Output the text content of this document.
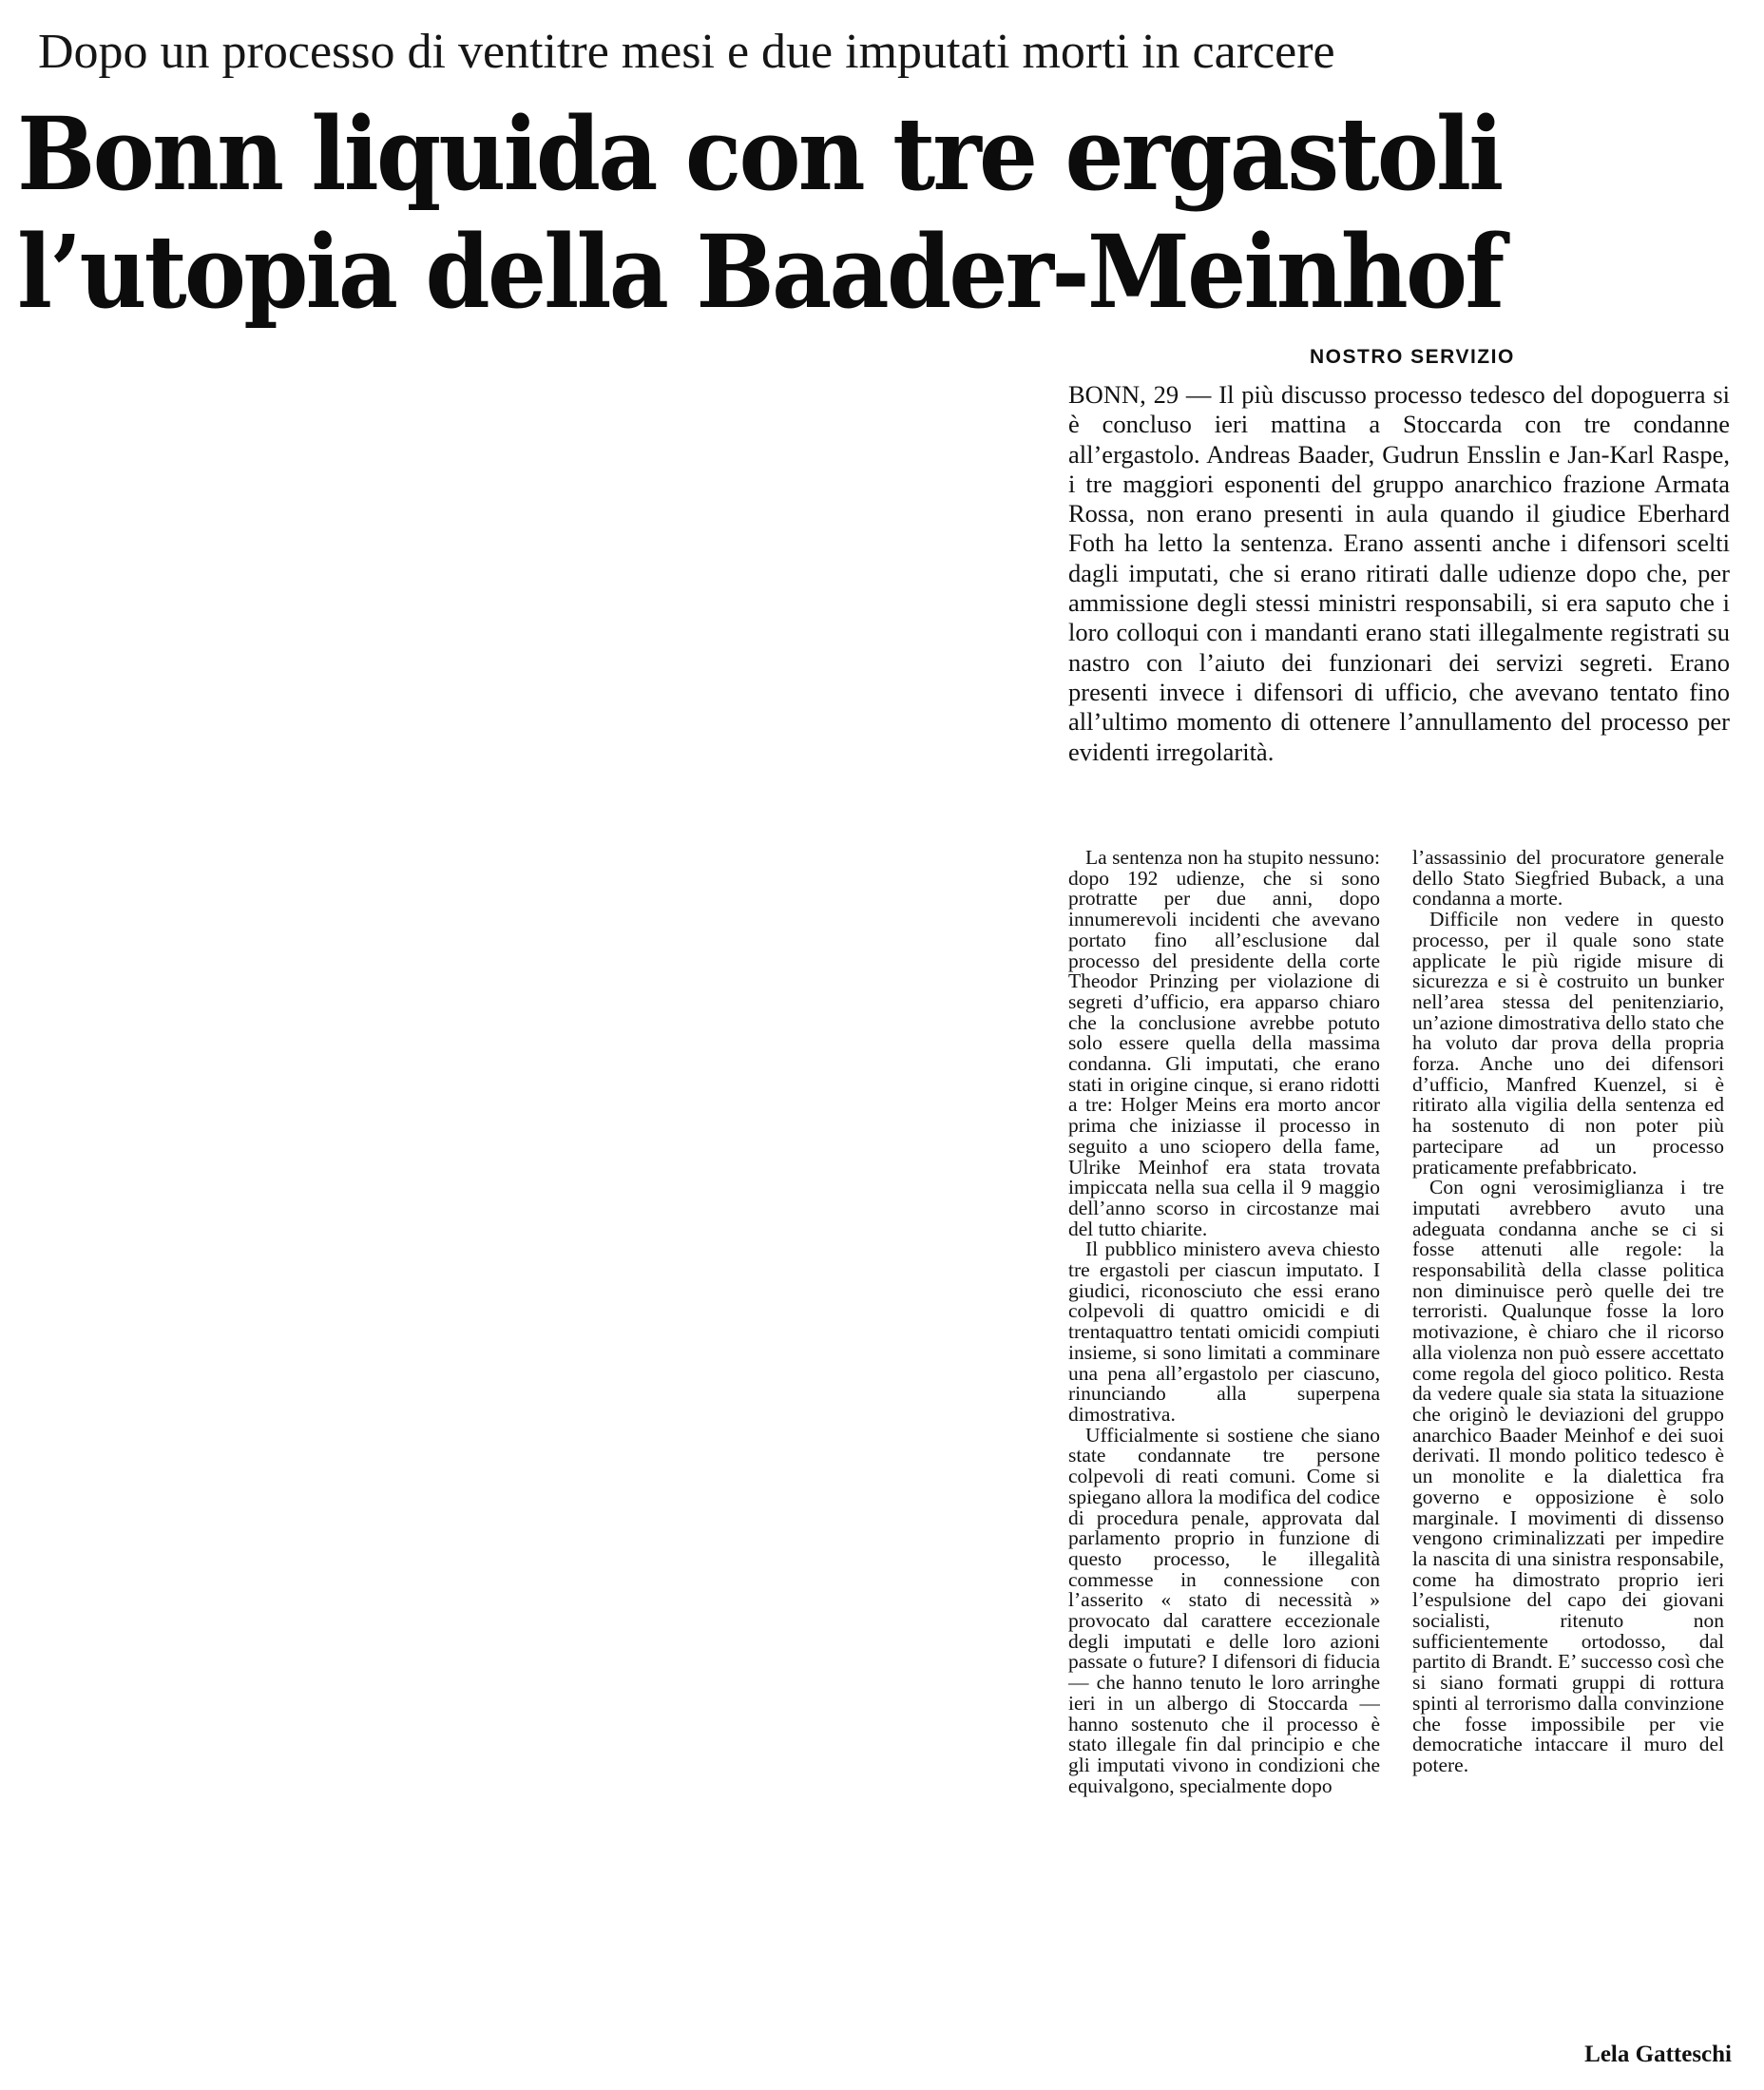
Dopo un processo di ventitre mesi e due imputati morti in carcere
Bonn liquida con tre ergastoli
l’utopia della Baader-Meinhof
NOSTRO SERVIZIO

BONN, 29 — Il più discusso processo tedesco del dopoguerra si è concluso ieri mattina a Stoccarda con tre condanne all’ergastolo. Andreas Baader, Gudrun Ensslin e Jan-Karl Raspe, i tre maggiori esponenti del gruppo anarchico frazione Armata Rossa, non erano presenti in aula quando il giudice Eberhard Foth ha letto la sentenza. Erano assenti anche i difensori scelti dagli imputati, che si erano ritirati dalle udienze dopo che, per ammissione degli stessi ministri responsabili, si era saputo che i loro colloqui con i mandanti erano stati illegalmente registrati su nastro con l’aiuto dei funzionari dei servizi segreti. Erano presenti invece i difensori di ufficio, che avevano tentato fino all’ultimo momento di ottenere l’annullamento del processo per evidenti irregolarità.

La sentenza non ha stupito nessuno: dopo 192 udienze, che si sono protratte per due anni, dopo innumerevoli incidenti che avevano portato fino all’esclusione dal processo del presidente della corte Theodor Prinzing per violazione di segreti d’ufficio, era apparso chiaro che la conclusione avrebbe potuto solo essere quella della massima condanna. Gli imputati, che erano stati in origine cinque, si erano ridotti a tre: Holger Meins era morto ancor prima che iniziasse il processo in seguito a uno sciopero della fame, Ulrike Meinhof era stata trovata impiccata nella sua cella il 9 maggio dell’anno scorso in circostanze mai del tutto chiarite.

Il pubblico ministero aveva chiesto tre ergastoli per ciascun imputato. I giudici, riconosciuto che essi erano colpevoli di quattro omicidi e di trentaquattro tentati omicidi compiuti insieme, si sono limitati a comminare una pena all’ergastolo per ciascuno, rinunciando alla superpena dimostrativa.

Ufficialmente si sostiene che siano state condannate tre persone colpevoli di reati comuni. Come si spiegano allora la modifica del codice di procedura penale, approvata dal parlamento proprio in funzione di questo processo, le illegalità commesse in connessione con l’asserito « stato di necessità » provocato dal carattere eccezionale degli imputati e delle loro azioni passate o future? I difensori di fiducia — che hanno tenuto le loro arringhe ieri in un albergo di Stoccarda — hanno sostenuto che il processo è stato illegale fin dal principio e che gli imputati vivono in condizioni che equivalgono, specialmente dopo

l’assassinio del procuratore generale dello Stato Siegfried Buback, a una condanna a morte.

Difficile non vedere in questo processo, per il quale sono state applicate le più rigide misure di sicurezza e si è costruito un bunker nell’area stessa del penitenziario, un’azione dimostrativa dello stato che ha voluto dar prova della propria forza. Anche uno dei difensori d’ufficio, Manfred Kuenzel, si è ritirato alla vigilia della sentenza ed ha sostenuto di non poter più partecipare ad un processo praticamente prefabbricato.

Con ogni verosimiglianza i tre imputati avrebbero avuto una adeguata condanna anche se ci si fosse attenuti alle regole: la responsabilità della classe politica non diminuisce però quelle dei tre terroristi. Qualunque fosse la loro motivazione, è chiaro che il ricorso alla violenza non può essere accettato come regola del gioco politico. Resta da vedere quale sia stata la situazione che originò le deviazioni del gruppo anarchico Baader Meinhof e dei suoi derivati. Il mondo politico tedesco è un monolite e la dialettica fra governo e opposizione è solo marginale. I movimenti di dissenso vengono criminalizzati per impedire la nascita di una sinistra responsabile, come ha dimostrato proprio ieri l’espulsione del capo dei giovani socialisti, ritenuto non sufficientemente ortodosso, dal partito di Brandt. E’ successo così che si siano formati gruppi di rottura spinti al terrorismo dalla convinzione che fosse impossibile per vie democratiche intaccare il muro del potere.

Lela Gatteschi
